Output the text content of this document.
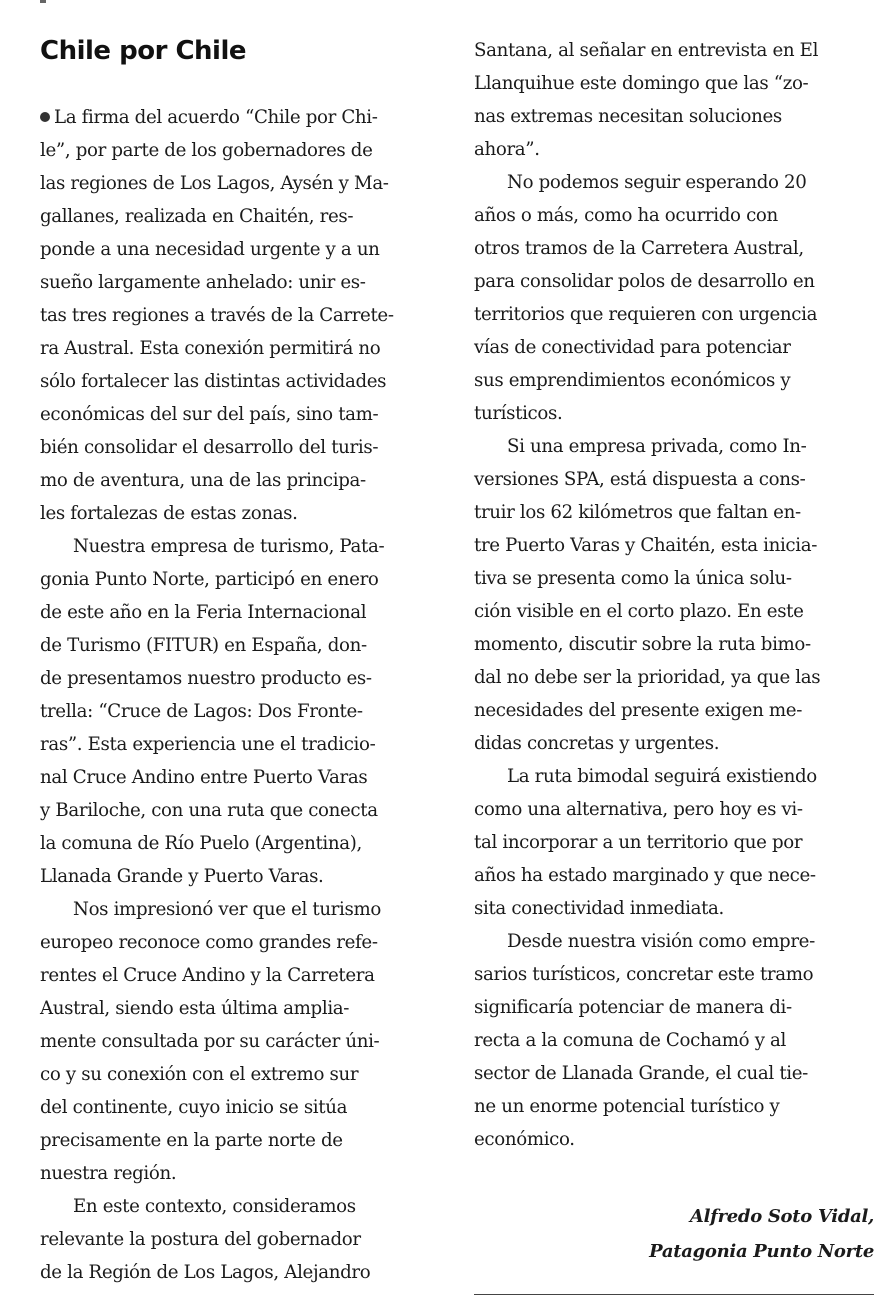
Chile por Chile
La firma del acuerdo “Chile por Chi-
le”, por parte de los gobernadores de
las regiones de Los Lagos, Aysén y Ma-
gallanes, realizada en Chaitén, res-
ponde a una necesidad urgente y a un
sueño largamente anhelado: unir es-
tas tres regiones a través de la Carrete-
ra Austral. Esta conexión permitirá no
sólo fortalecer las distintas actividades
económicas del sur del país, sino tam-
bién consolidar el desarrollo del turis-
mo de aventura, una de las principa-
les fortalezas de estas zonas.
Nuestra empresa de turismo, Pata-
gonia Punto Norte, participó en enero
de este año en la Feria Internacional
de Turismo (FITUR) en España, don-
de presentamos nuestro producto es-
trella: “Cruce de Lagos: Dos Fronte-
ras”. Esta experiencia une el tradicio-
nal Cruce Andino entre Puerto Varas
y Bariloche, con una ruta que conecta
la comuna de Río Puelo (Argentina),
Llanada Grande y Puerto Varas.
Nos impresionó ver que el turismo
europeo reconoce como grandes refe-
rentes el Cruce Andino y la Carretera
Austral, siendo esta última amplia-
mente consultada por su carácter úni-
co y su conexión con el extremo sur
del continente, cuyo inicio se sitúa
precisamente en la parte norte de
nuestra región.
En este contexto, consideramos
relevante la postura del gobernador
de la Región de Los Lagos, Alejandro
Santana, al señalar en entrevista en El
Llanquihue este domingo que las “zo-
nas extremas necesitan soluciones
ahora”.
No podemos seguir esperando 20
años o más, como ha ocurrido con
otros tramos de la Carretera Austral,
para consolidar polos de desarrollo en
territorios que requieren con urgencia
vías de conectividad para potenciar
sus emprendimientos económicos y
turísticos.
Si una empresa privada, como In-
versiones SPA, está dispuesta a cons-
truir los 62 kilómetros que faltan en-
tre Puerto Varas y Chaitén, esta inicia-
tiva se presenta como la única solu-
ción visible en el corto plazo. En este
momento, discutir sobre la ruta bimo-
dal no debe ser la prioridad, ya que las
necesidades del presente exigen me-
didas concretas y urgentes.
La ruta bimodal seguirá existiendo
como una alternativa, pero hoy es vi-
tal incorporar a un territorio que por
años ha estado marginado y que nece-
sita conectividad inmediata.
Desde nuestra visión como empre-
sarios turísticos, concretar este tramo
significaría potenciar de manera di-
recta a la comuna de Cochamó y al
sector de Llanada Grande, el cual tie-
ne un enorme potencial turístico y
económico.
Alfredo Soto Vidal,
Patagonia Punto Norte
